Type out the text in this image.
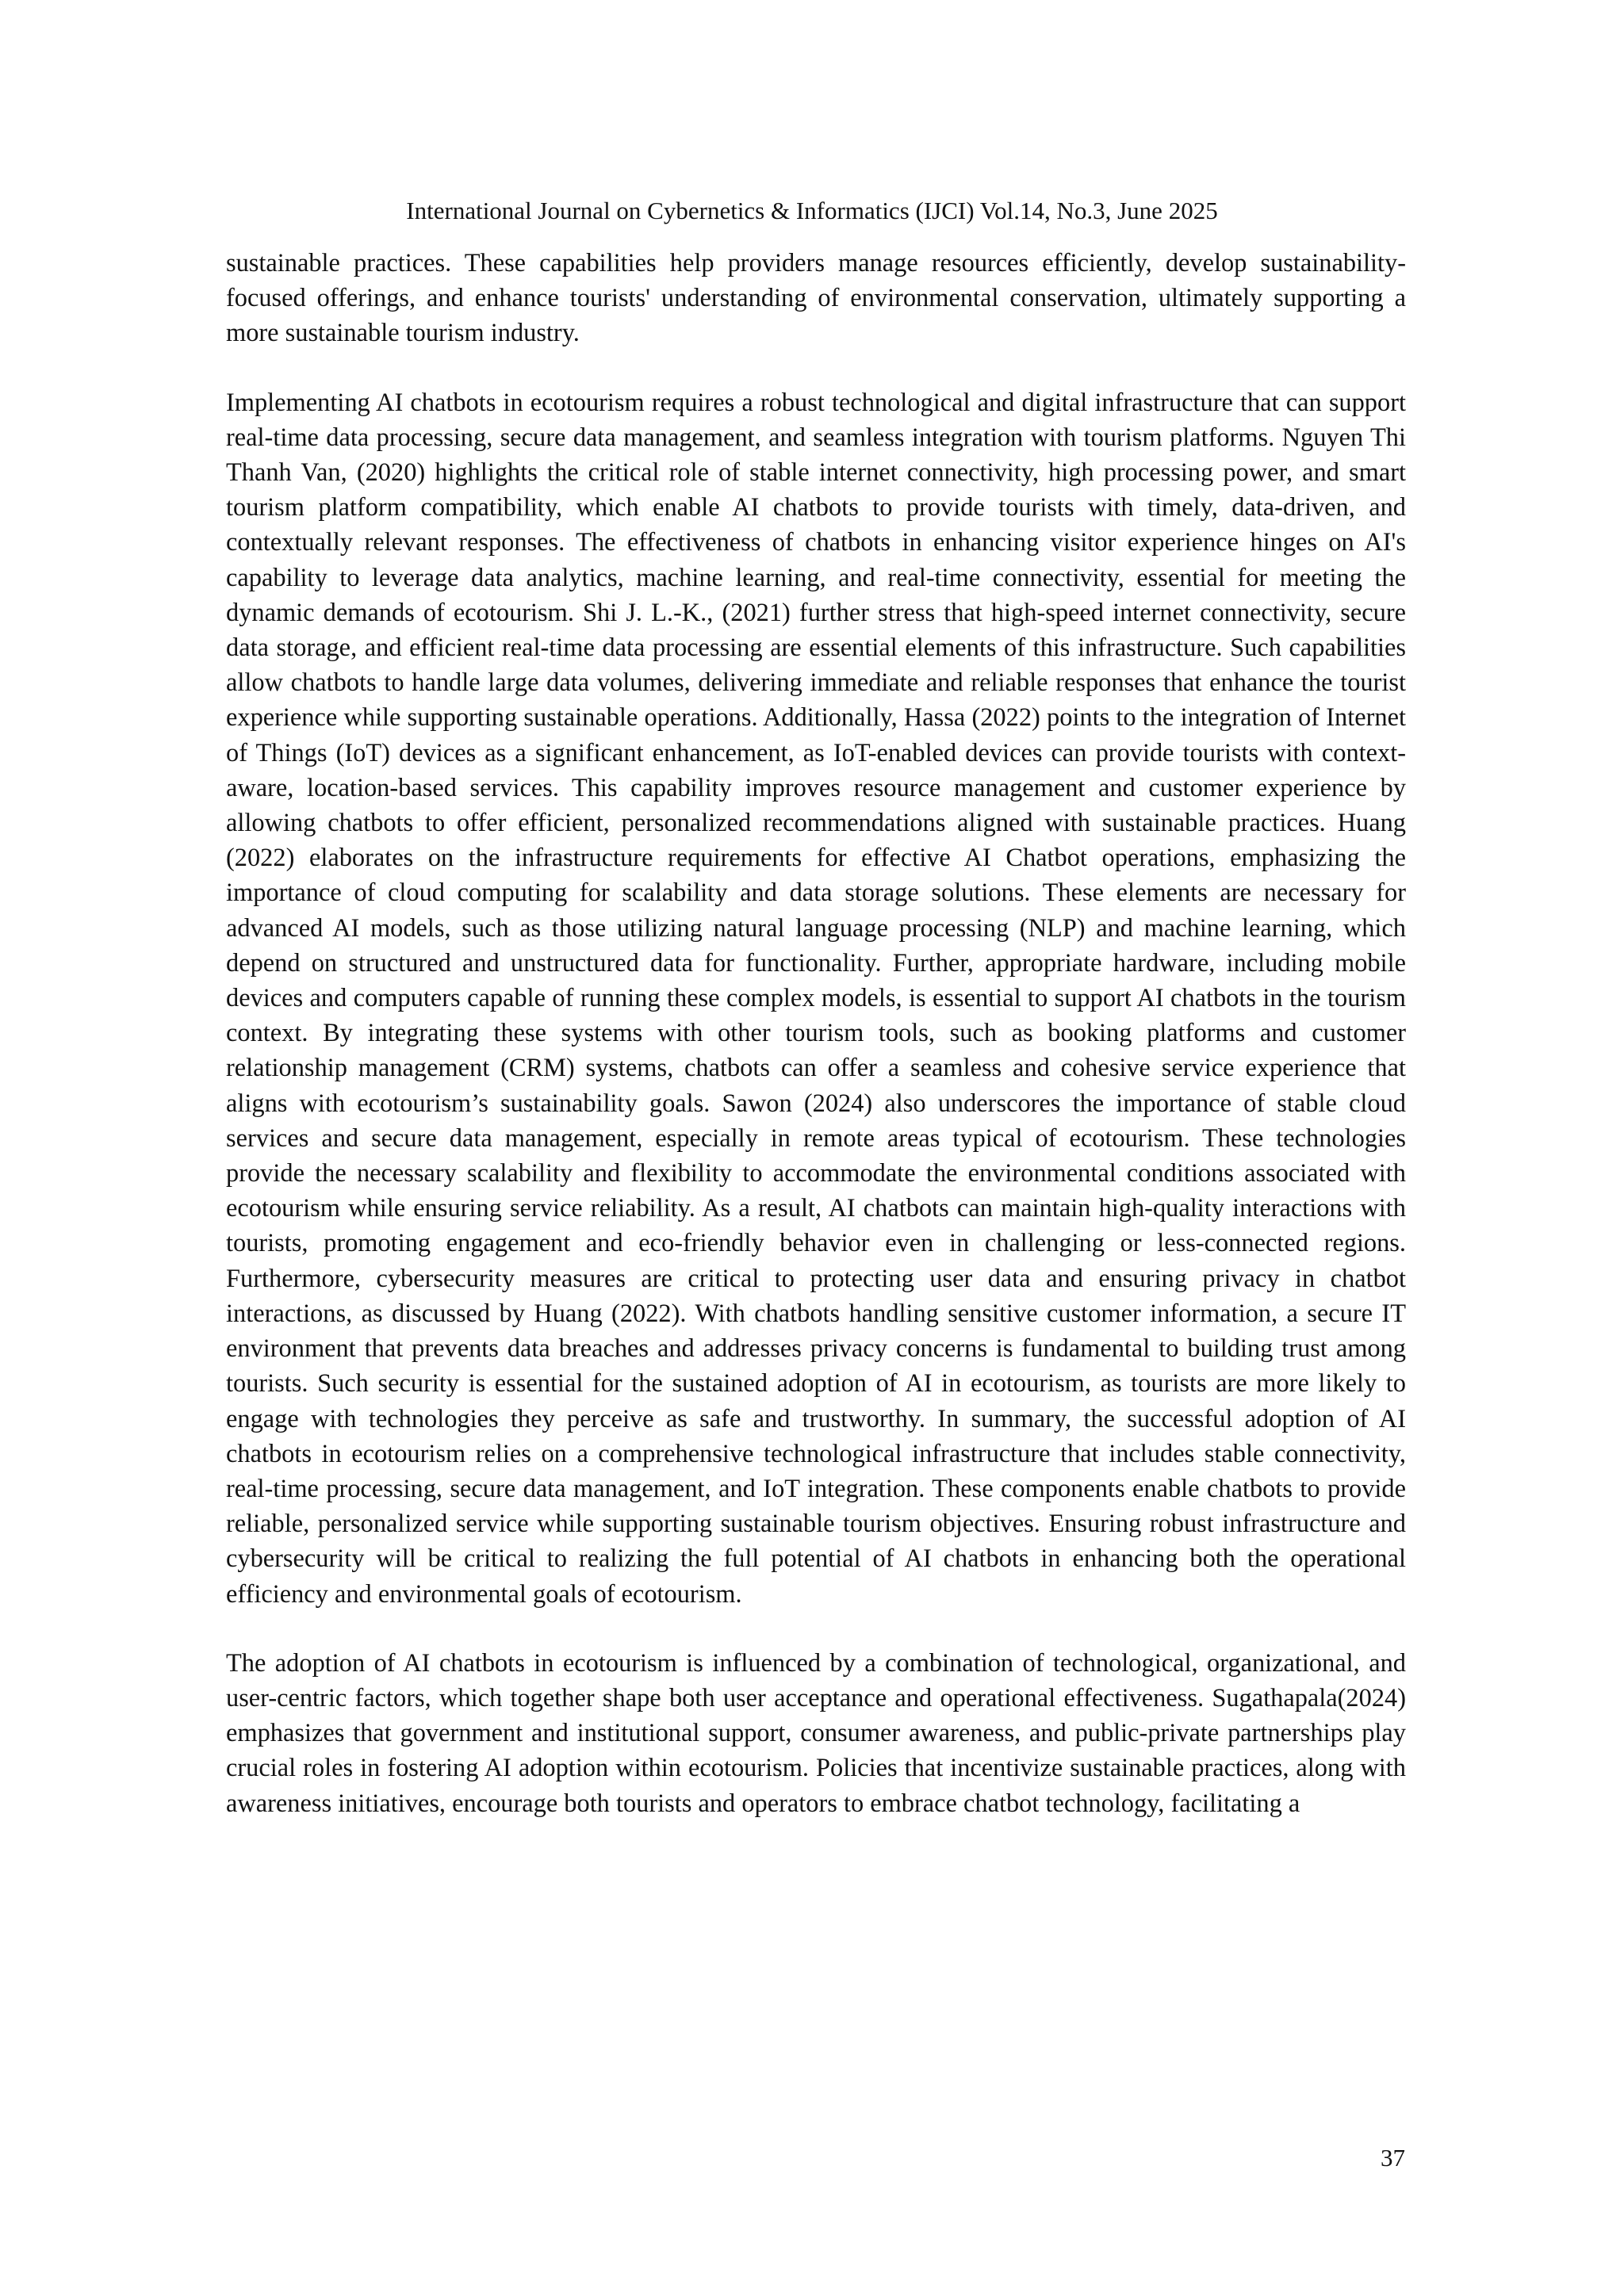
International Journal on Cybernetics & Informatics (IJCI) Vol.14, No.3, June 2025

sustainable practices. These capabilities help providers manage resources efficiently, develop sustainability-focused offerings, and enhance tourists' understanding of environmental conservation, ultimately supporting a more sustainable tourism industry.

Implementing AI chatbots in ecotourism requires a robust technological and digital infrastructure that can support real-time data processing, secure data management, and seamless integration with tourism platforms. Nguyen Thi Thanh Van, (2020) highlights the critical role of stable internet connectivity, high processing power, and smart tourism platform compatibility, which enable AI chatbots to provide tourists with timely, data-driven, and contextually relevant responses. The effectiveness of chatbots in enhancing visitor experience hinges on AI's capability to leverage data analytics, machine learning, and real-time connectivity, essential for meeting the dynamic demands of ecotourism. Shi J. L.-K., (2021) further stress that high-speed internet connectivity, secure data storage, and efficient real-time data processing are essential elements of this infrastructure. Such capabilities allow chatbots to handle large data volumes, delivering immediate and reliable responses that enhance the tourist experience while supporting sustainable operations. Additionally, Hassa (2022) points to the integration of Internet of Things (IoT) devices as a significant enhancement, as IoT-enabled devices can provide tourists with context-aware, location-based services. This capability improves resource management and customer experience by allowing chatbots to offer efficient, personalized recommendations aligned with sustainable practices. Huang (2022) elaborates on the infrastructure requirements for effective AI Chatbot operations, emphasizing the importance of cloud computing for scalability and data storage solutions. These elements are necessary for advanced AI models, such as those utilizing natural language processing (NLP) and machine learning, which depend on structured and unstructured data for functionality. Further, appropriate hardware, including mobile devices and computers capable of running these complex models, is essential to support AI chatbots in the tourism context. By integrating these systems with other tourism tools, such as booking platforms and customer relationship management (CRM) systems, chatbots can offer a seamless and cohesive service experience that aligns with ecotourism’s sustainability goals. Sawon (2024) also underscores the importance of stable cloud services and secure data management, especially in remote areas typical of ecotourism. These technologies provide the necessary scalability and flexibility to accommodate the environmental conditions associated with ecotourism while ensuring service reliability. As a result, AI chatbots can maintain high-quality interactions with tourists, promoting engagement and eco-friendly behavior even in challenging or less-connected regions. Furthermore, cybersecurity measures are critical to protecting user data and ensuring privacy in chatbot interactions, as discussed by Huang (2022). With chatbots handling sensitive customer information, a secure IT environment that prevents data breaches and addresses privacy concerns is fundamental to building trust among tourists. Such security is essential for the sustained adoption of AI in ecotourism, as tourists are more likely to engage with technologies they perceive as safe and trustworthy. In summary, the successful adoption of AI chatbots in ecotourism relies on a comprehensive technological infrastructure that includes stable connectivity, real-time processing, secure data management, and IoT integration. These components enable chatbots to provide reliable, personalized service while supporting sustainable tourism objectives. Ensuring robust infrastructure and cybersecurity will be critical to realizing the full potential of AI chatbots in enhancing both the operational efficiency and environmental goals of ecotourism.

The adoption of AI chatbots in ecotourism is influenced by a combination of technological, organizational, and user-centric factors, which together shape both user acceptance and operational effectiveness. Sugathapala(2024) emphasizes that government and institutional support, consumer awareness, and public-private partnerships play crucial roles in fostering AI adoption within ecotourism. Policies that incentivize sustainable practices, along with awareness initiatives, encourage both tourists and operators to embrace chatbot technology, facilitating a

37
